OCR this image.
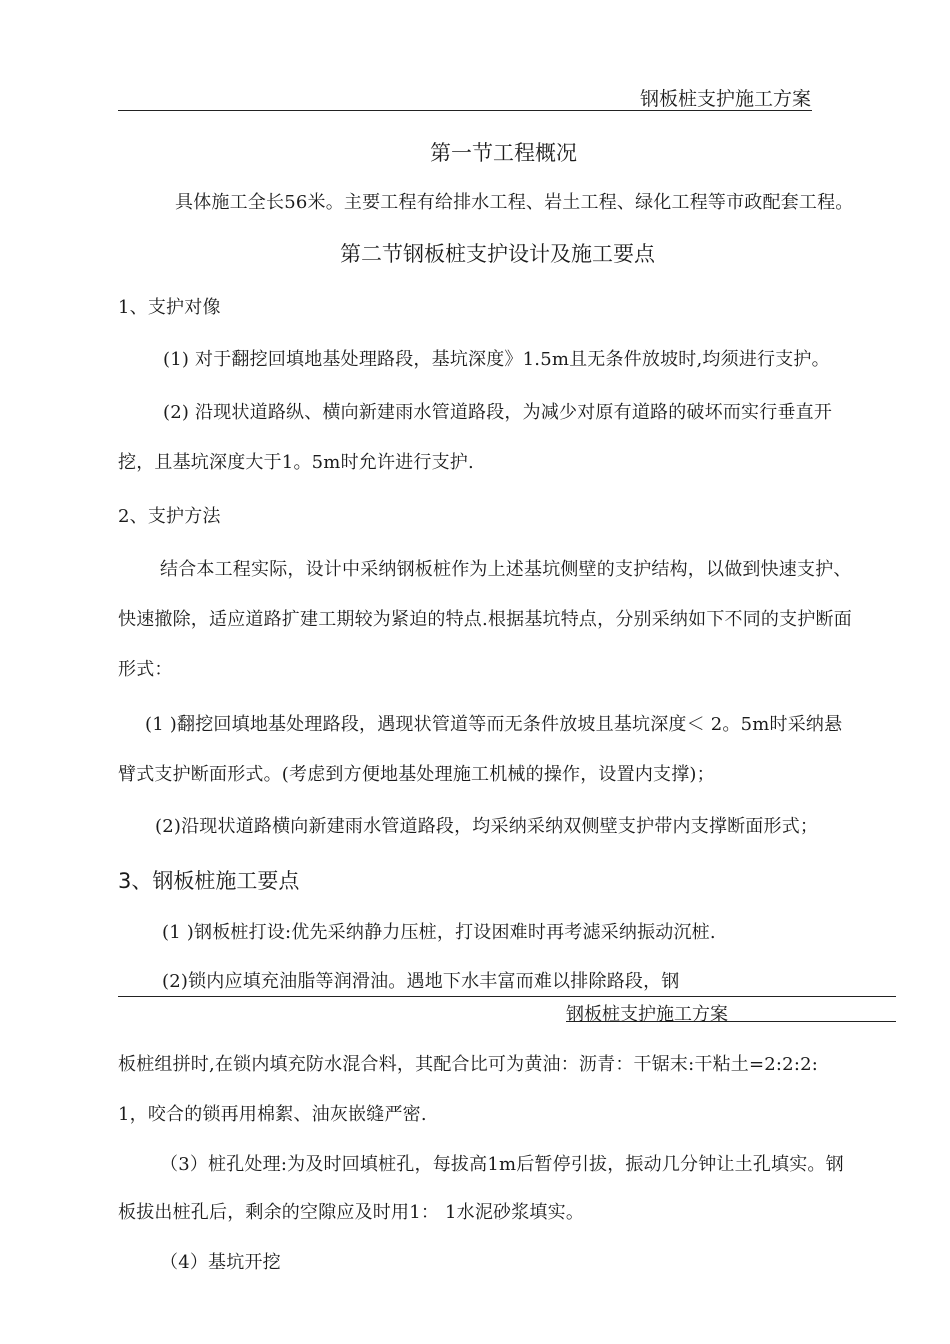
钢板桩支护施工方案
第一节工程概况
具体施工全长56米。主要工程有给排水工程、岩土工程、绿化工程等市政配套工程。
第二节钢板桩支护设计及施工要点
1、支护对像
(1) 对于翻挖回填地基处理路段，基坑深度》1.5m且无条件放坡时,均须进行支护。
(2) 沿现状道路纵、横向新建雨水管道路段，为减少对原有道路的破坏而实行垂直开
挖，且基坑深度大于1。5m时允许进行支护.
2、支护方法
结合本工程实际，设计中采纳钢板桩作为上述基坑侧壁的支护结构，以做到快速支护、
快速撤除，适应道路扩建工期较为紧迫的特点.根据基坑特点，分别采纳如下不同的支护断面
形式：
(1 )翻挖回填地基处理路段，遇现状管道等而无条件放坡且基坑深度＜ 2。5m时采纳悬
臂式支护断面形式。(考虑到方便地基处理施工机械的操作，设置内支撑)；
(2)沿现状道路横向新建雨水管道路段，均采纳采纳双侧壁支护带内支撑断面形式；
3、钢板桩施工要点
(1 )钢板桩打设:优先采纳静力压桩，打设困难时再考滤采纳振动沉桩.
(2)锁内应填充油脂等润滑油。遇地下水丰富而难以排除路段，钢
钢板桩支护施工方案
板桩组拼时,在锁内填充防水混合料，其配合比可为黄油：沥青：干锯末:干粘土=2:2:2:
1，咬合的锁再用棉絮、油灰嵌缝严密.
（3）桩孔处理:为及时回填桩孔，每拔高1m后暂停引拔，振动几分钟让土孔填实。钢
板拔出桩孔后，剩余的空隙应及时用1： 1水泥砂浆填实。
（4）基坑开挖
